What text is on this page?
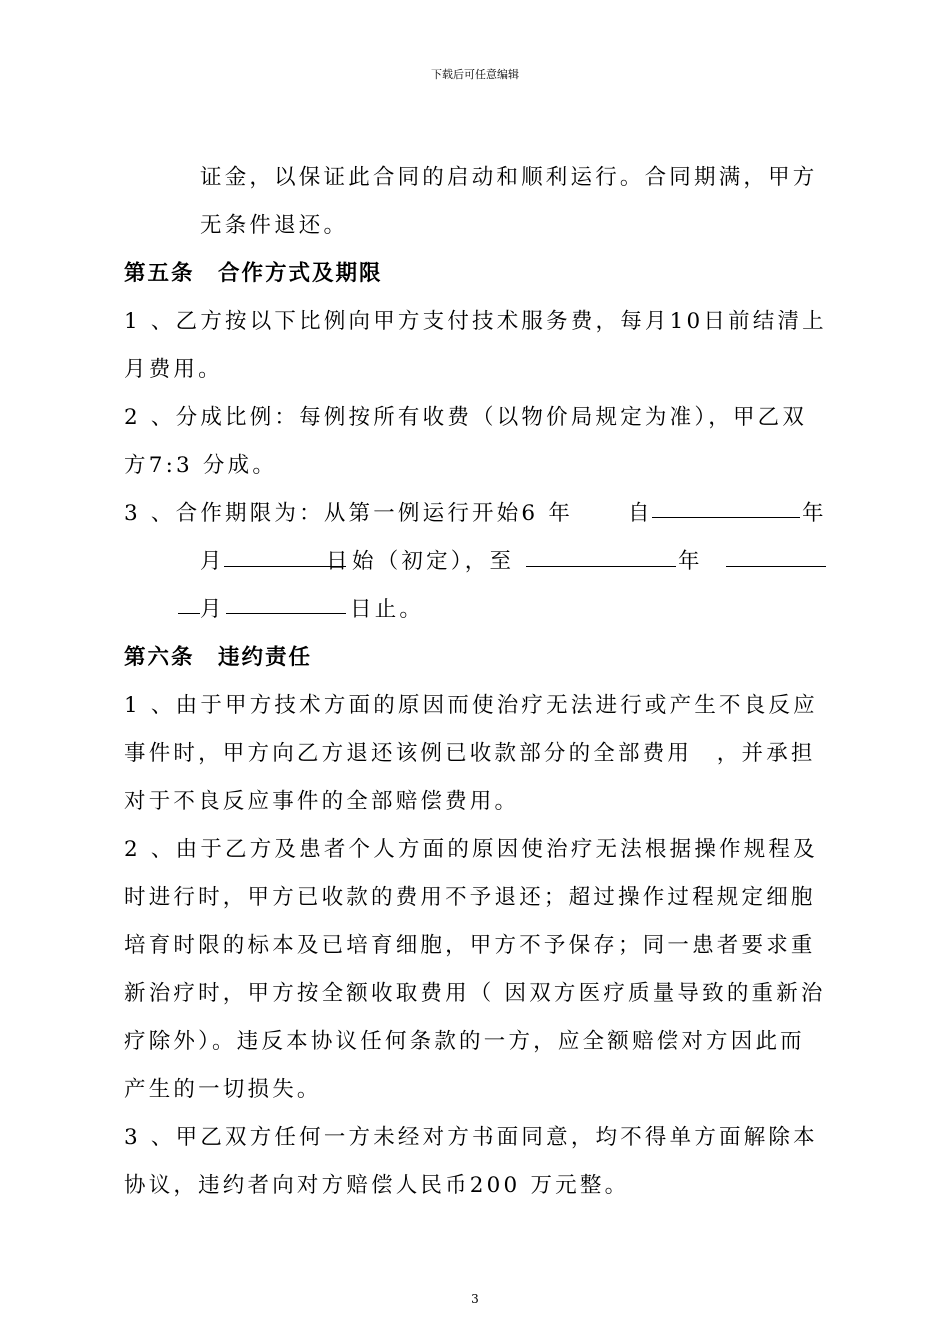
下载后可任意编辑
证金，以保证此合同的启动和顺利运行。合同期满，甲方
无条件退还。
第五条　合作方式及期限
1 、乙方按以下比例向甲方支付技术服务费，每月10日前结清上
月费用。
2 、分成比例：每例按所有收费（以物价局规定为准），甲乙双
方7:3 分成。
3 、合作期限为：从第一例运行开始6 年	自	年
月	日 始（初定），至	年
月	日止。
第六条　违约责任
1 、由于甲方技术方面的原因而使治疗无法进行或产生不良反应
事件时，甲方向乙方退还该例已收款部分的全部费用　，并承担
对于不良反应事件的全部赔偿费用。
2 、由于乙方及患者个人方面的原因使治疗无法根据操作规程及
时进行时，甲方已收款的费用不予退还；超过操作过程规定细胞
培育时限的标本及已培育细胞，甲方不予保存；同一患者要求重
新治疗时，甲方按全额收取费用（ 因双方医疗质量导致的重新治
疗除外）。违反本协议任何条款的一方，应全额赔偿对方因此而
产生的一切损失。
3 、甲乙双方任何一方未经对方书面同意，均不得单方面解除本
协议，违约者向对方赔偿人民币200 万元整。
3
